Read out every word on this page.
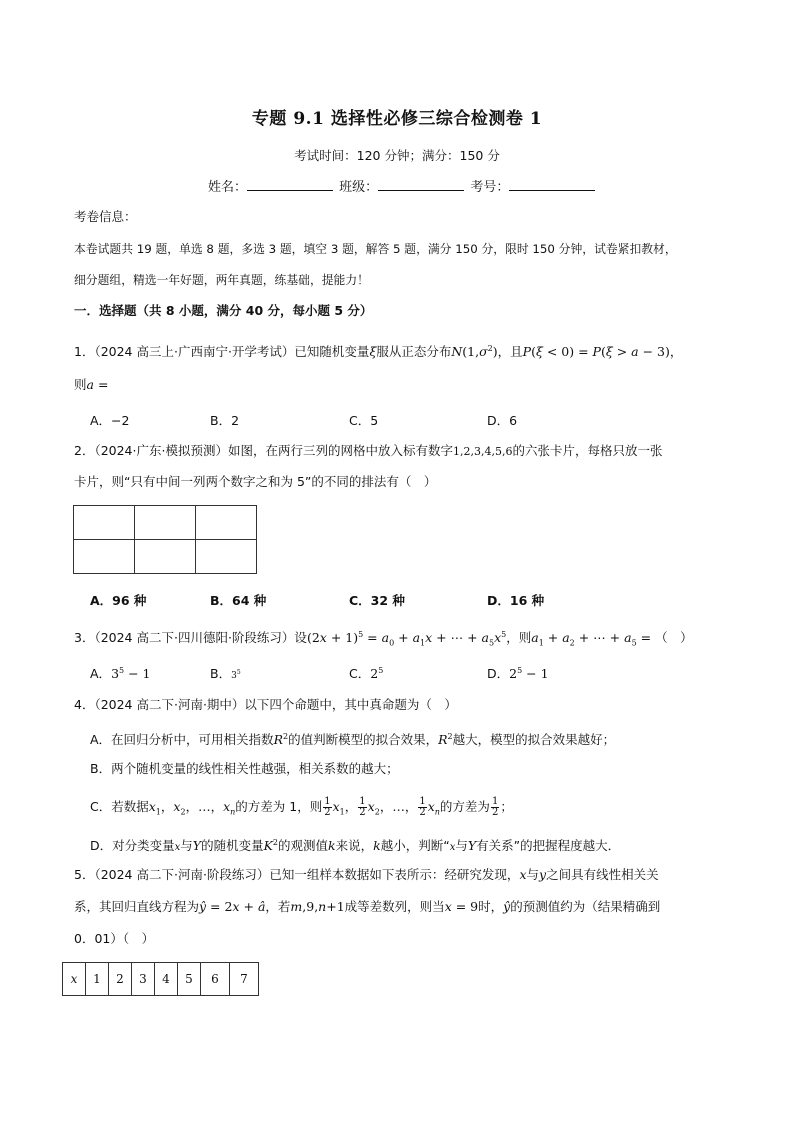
专题 9.1 选择性必修三综合检测卷 1
考试时间：120 分钟；满分：150 分
姓名：	班级：	考号：
考卷信息：
本卷试题共 19 题，单选 8 题，多选 3 题，填空 3 题，解答 5 题，满分 150 分，限时 150 分钟，试卷紧扣教材，
细分题组，精选一年好题，两年真题，练基础，提能力！
一．选择题（共 8 小题，满分 40 分，每小题 5 分）
1．（2024 高三上·广西南宁·开学考试）已知随机变量ξ服从正态分布$N(1,\sigma^2)$，且P(ξ < 0) = P(ξ > a − 3)，
则a =
A．−2	B．2	C．5	D．6
2．（2024·广东·模拟预测）如图，在两行三列的网格中放入标有数字1,2,3,4,5,6的六张卡片，每格只放一张
卡片，则“只有中间一列两个数字之和为 5”的不同的排法有（　）

A．96 种	B．64 种	C．32 种	D．16 种
3．（2024 高二下·四川德阳·阶段练习）设$(2x + 1)^5 = a_0 + a_1x$ + ⋯ + $a_5x^5$，则$a_1 + a_2$ + ⋯ + $a_5$ = （　）
A．$3^5 - 1$	B．$3^5$	C．$2^5$	D．$2^5 - 1$
4．（2024 高二下·河南·期中）以下四个命题中，其中真命题为（　）
A．在回归分析中，可用相关指数$R^2$的值判断模型的拟合效果，$R^2$越大，模型的拟合效果越好；
B．两个随机变量的线性相关性越强，相关系数的越大；
C．若数据$x_1$，$x_2$，…，$x_n$的方差为 1，则 $\frac{1}{2} x_1$， $\frac{1}{2} x_2$，…， $\frac{1}{2} x_n$的方差为 $\frac{1}{2}$ ；
D．对分类变量x与Y的随机变量$K^2$的观测值k来说，k越小，判断“x与Y有关系”的把握程度越大．
5．（2024 高二下·河南·阶段练习）已知一组样本数据如下表所示：经研究发现，x与y之间具有线性相关关
系，其回归直线方程为ŷ = 2x + â，若m,9,n+1成等差数列，则当x = 9时，ŷ的预测值约为（结果精确到
0．01）（　）
x	1	2	3	4	5	6	7
